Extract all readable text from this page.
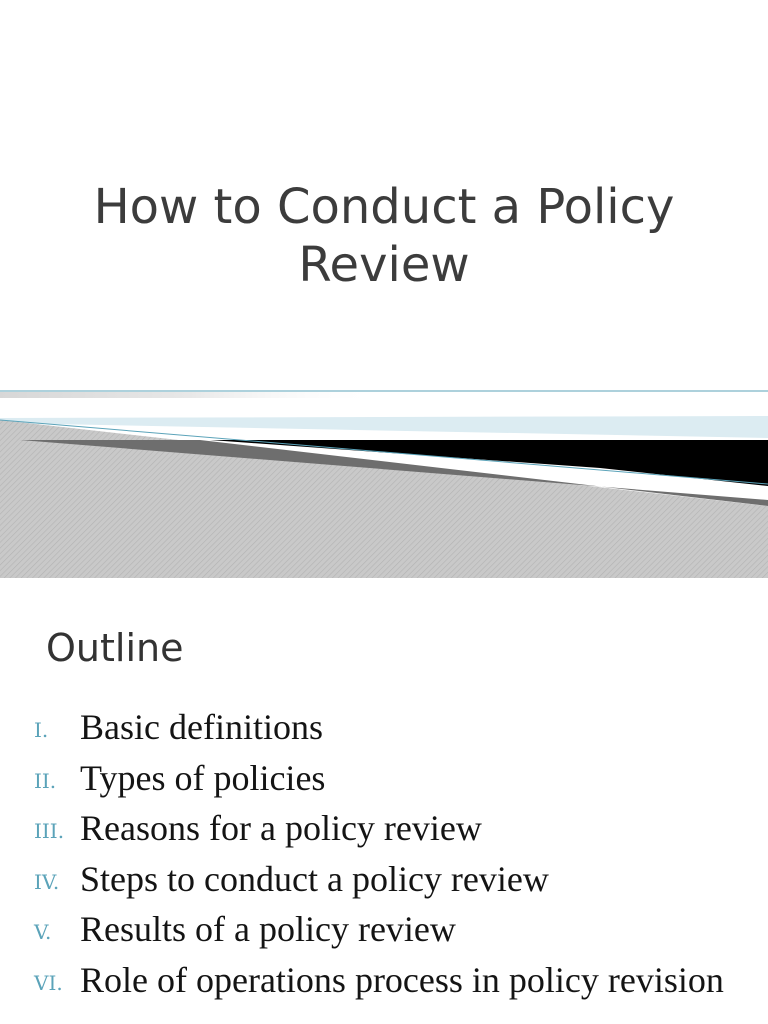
How to Conduct a Policy
Review
Outline
I. Basic definitions
II. Types of policies
III. Reasons for a policy review
IV. Steps to conduct a policy review
V. Results of a policy review
VI. Role of operations process in policy revision
